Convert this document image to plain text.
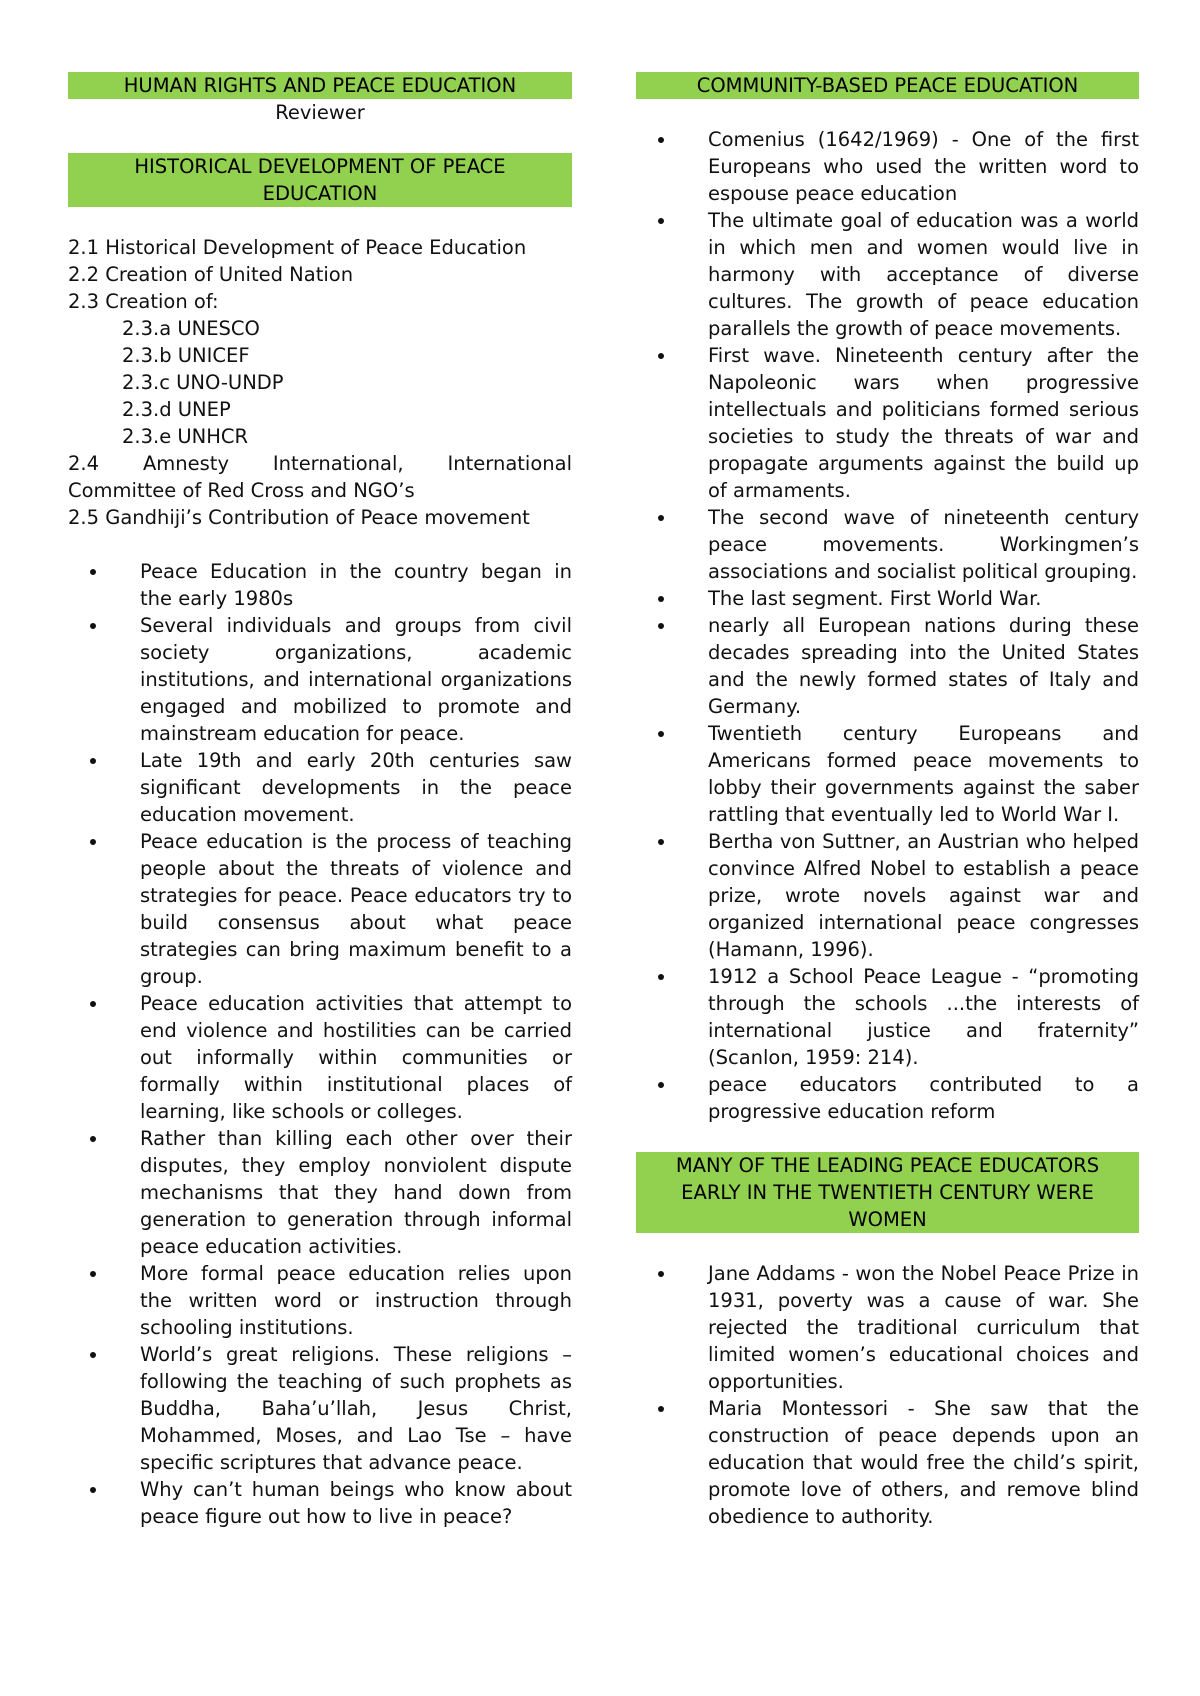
HUMAN RIGHTS AND PEACE EDUCATION
Reviewer
HISTORICAL DEVELOPMENT OF PEACE
EDUCATION
2.1 Historical Development of Peace Education
2.2 Creation of United Nation
2.3 Creation of:
2.3.a UNESCO
2.3.b UNICEF
2.3.c UNO-UNDP
2.3.d UNEP
2.3.e UNHCR
2.4 Amnesty International, International Committee of Red Cross and NGO’s
2.5 Gandhiji’s Contribution of Peace movement
Peace Education in the country began in the early 1980s
Several individuals and groups from civil society organizations, academic institutions, and international organizations engaged and mobilized to promote and mainstream education for peace.
Late 19th and early 20th centuries saw significant developments in the peace education movement.
Peace education is the process of teaching people about the threats of violence and strategies for peace. Peace educators try to build consensus about what peace strategies can bring maximum benefit to a group.
Peace education activities that attempt to end violence and hostilities can be carried out informally within communities or formally within institutional places of learning, like schools or colleges.
Rather than killing each other over their disputes, they employ nonviolent dispute mechanisms that they hand down from generation to generation through informal peace education activities.
More formal peace education relies upon the written word or instruction through schooling institutions.
World’s great religions. These religions – following the teaching of such prophets as Buddha, Baha’u’llah, Jesus Christ, Mohammed, Moses, and Lao Tse – have specific scriptures that advance peace.
Why can’t human beings who know about peace figure out how to live in peace?
COMMUNITY-BASED PEACE EDUCATION
Comenius (1642/1969) - One of the first Europeans who used the written word to espouse peace education
The ultimate goal of education was a world in which men and women would live in harmony with acceptance of diverse cultures. The growth of peace education parallels the growth of peace movements.
First wave. Nineteenth century after the Napoleonic wars when progressive intellectuals and politicians formed serious societies to study the threats of war and propagate arguments against the build up of armaments.
The second wave of nineteenth century peace movements. Workingmen’s associations and socialist political grouping.
The last segment. First World War.
nearly all European nations during these decades spreading into the United States and the newly formed states of Italy and Germany.
Twentieth century Europeans and Americans formed peace movements to lobby their governments against the saber rattling that eventually led to World War I.
Bertha von Suttner, an Austrian who helped convince Alfred Nobel to establish a peace prize, wrote novels against war and organized international peace congresses (Hamann, 1996).
1912 a School Peace League - “promoting through the schools ...the interests of international justice and fraternity” (Scanlon, 1959: 214).
peace educators contributed to a progressive education reform
MANY OF THE LEADING PEACE EDUCATORS
EARLY IN THE TWENTIETH CENTURY WERE
WOMEN
Jane Addams - won the Nobel Peace Prize in 1931, poverty was a cause of war. She rejected the traditional curriculum that limited women’s educational choices and opportunities.
Maria Montessori - She saw that the construction of peace depends upon an education that would free the child’s spirit, promote love of others, and remove blind obedience to authority.
